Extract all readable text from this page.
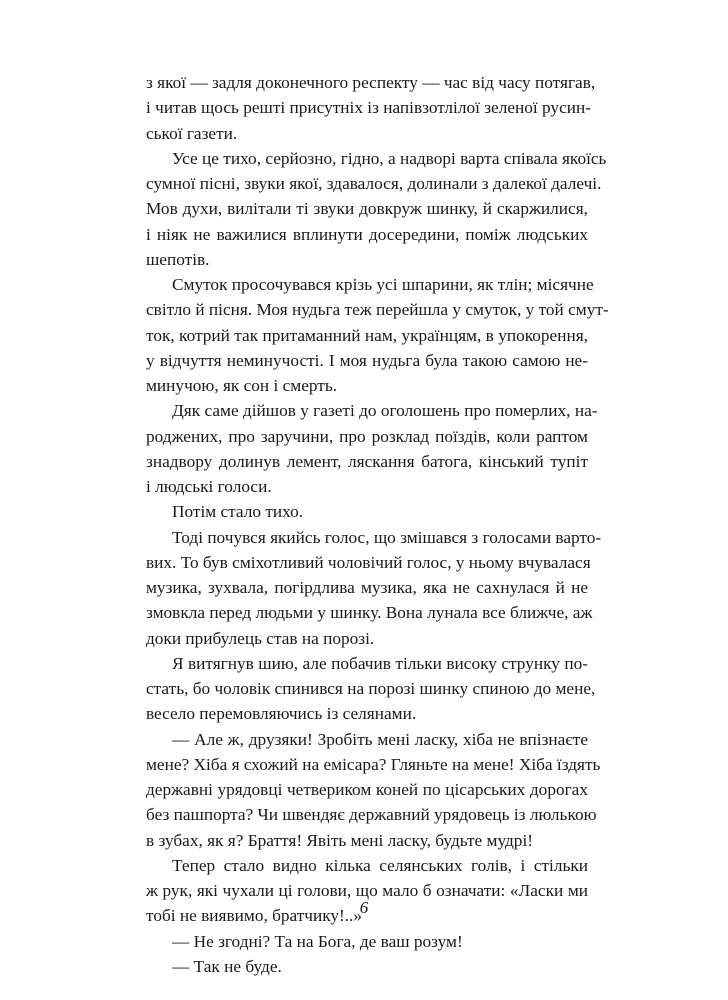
з якої — задля доконечного респекту — час від часу потягав,
і читав щось решті присутніх із напівзотлілої зеленої русин-
ської газети.
Усе це тихо, серйозно, гідно, а надворі варта співала якоїсь
сумної пісні, звуки якої, здавалося, долинали з далекої далечі.
Мов духи, вилітали ті звуки довкруж шинку, й скаржилися,
і ніяк не важилися вплинути досередини, поміж людських
шепотів.
Смуток просочувався крізь усі шпарини, як тлін; місячне
світло й пісня. Моя нудьга теж перейшла у смуток, у той смут-
ток, котрий так притаманний нам, українцям, в упокорення,
у відчуття неминучості. І моя нудьга була такою самою не-
минучою, як сон і смерть.
Дяк саме дійшов у газеті до оголошень про померлих, на-
роджених, про заручини, про розклад поїздів, коли раптом
знадвору долинув лемент, ляскання батога, кінський тупіт
і людські голоси.
Потім стало тихо.
Тоді почувся якийсь голос, що змішався з голосами варто-
вих. То був сміхотливий чоловічий голос, у ньому вчувалася
музика, зухвала, погірдлива музика, яка не сахнулася й не
змовкла перед людьми у шинку. Вона лунала все ближче, аж
доки прибулець став на порозі.
Я витягнув шию, але побачив тільки високу струнку по-
стать, бо чоловік спинився на порозі шинку спиною до мене,
весело перемовляючись із селянами.
— Але ж, друзяки! Зробіть мені ласку, хіба не впізнаєте
мене? Хіба я схожий на емісара? Гляньте на мене! Хіба їздять
державні урядовці четвериком коней по цісарських дорогах
без пашпорта? Чи швендяє державний урядовець із люлькою
в зубах, як я? Браття! Явіть мені ласку, будьте мудрі!
Тепер стало видно кілька селянських голів, і стільки
ж рук, які чухали ці голови, що мало б означати: «Ласки ми
тобі не виявимо, братчику!..»
— Не згодні? Та на Бога, де ваш розум!
— Так не буде.
6
